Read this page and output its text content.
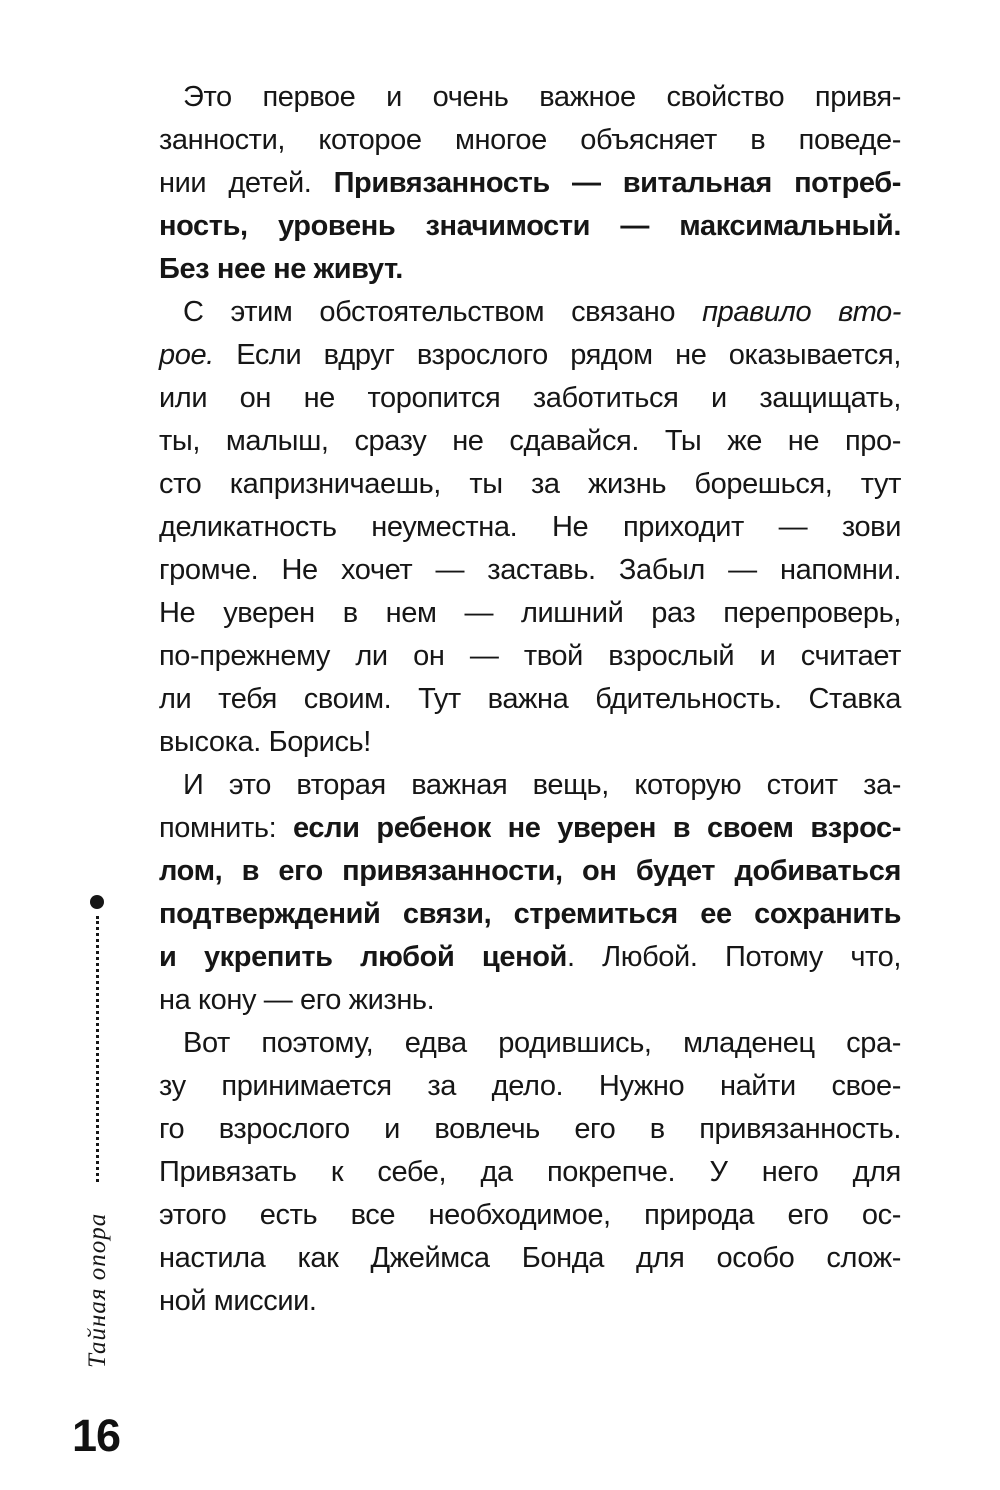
Это первое и очень важное свойство привя-
занности, которое многое объясняет в поведе-
нии детей. Привязанность — витальная потреб-
ность, уровень значимости — максимальный.
Без нее не живут.
С этим обстоятельством связано правило вто-
рое. Если вдруг взрослого рядом не оказывается,
или он не торопится заботиться и защищать,
ты, малыш, сразу не сдавайся. Ты же не про-
сто капризничаешь, ты за жизнь борешься, тут
деликатность неуместна. Не приходит — зови
громче. Не хочет — заставь. Забыл — напомни.
Не уверен в нем — лишний раз перепроверь,
по-прежнему ли он — твой взрослый и считает
ли тебя своим. Тут важна бдительность. Ставка
высока. Борись!
И это вторая важная вещь, которую стоит за-
помнить: если ребенок не уверен в своем взрос-
лом, в его привязанности, он будет добиваться
подтверждений связи, стремиться ее сохранить
и укрепить любой ценой. Любой. Потому что,
на кону — его жизнь.
Вот поэтому, едва родившись, младенец сра-
зу принимается за дело. Нужно найти свое-
го взрослого и вовлечь его в привязанность.
Привязать к себе, да покрепче. У него для
этого есть все необходимое, природа его ос-
настила как Джеймса Бонда для особо слож-
ной миссии.
Тайная опора
16
